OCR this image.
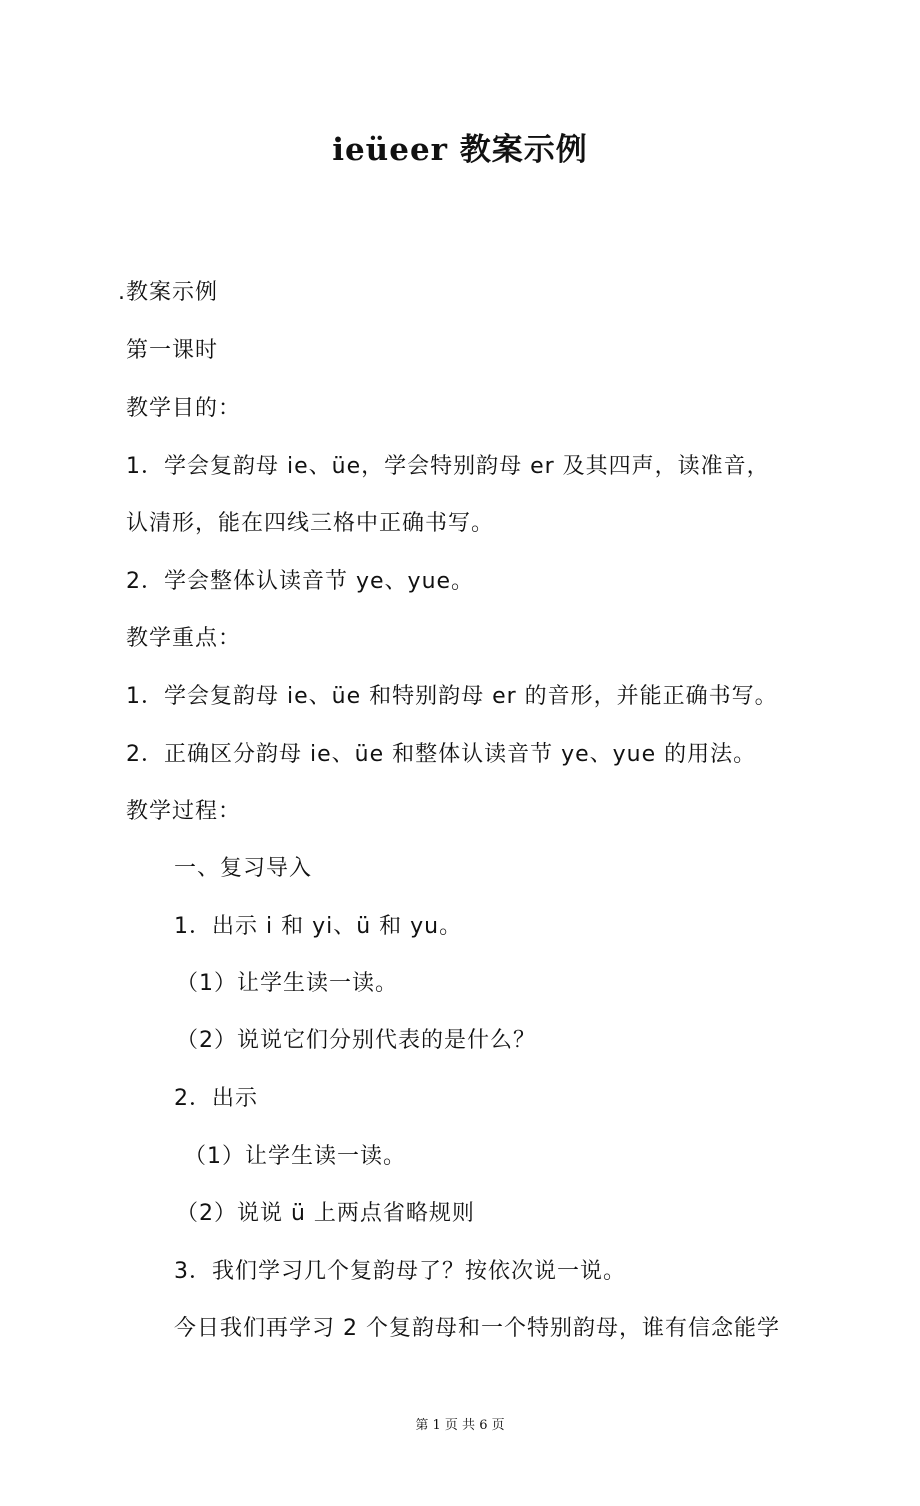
ieüeer 教案示例
.教案示例
第一课时
教学目的：
1．学会复韵母 ie、üe，学会特别韵母 er 及其四声，读准音，
认清形，能在四线三格中正确书写。
2．学会整体认读音节 ye、yue。
教学重点：
1．学会复韵母 ie、üe 和特别韵母 er 的音形，并能正确书写。
2．正确区分韵母 ie、üe 和整体认读音节 ye、yue 的用法。
教学过程：
一、复习导入
1．出示 i 和 yi、ü 和 yu。
（1）让学生读一读。
（2）说说它们分别代表的是什么？
2．出示
（1）让学生读一读。
（2）说说 ü 上两点省略规则
3．我们学习几个复韵母了？按依次说一说。
今日我们再学习 2 个复韵母和一个特别韵母，谁有信念能学
第 1 页 共 6 页
